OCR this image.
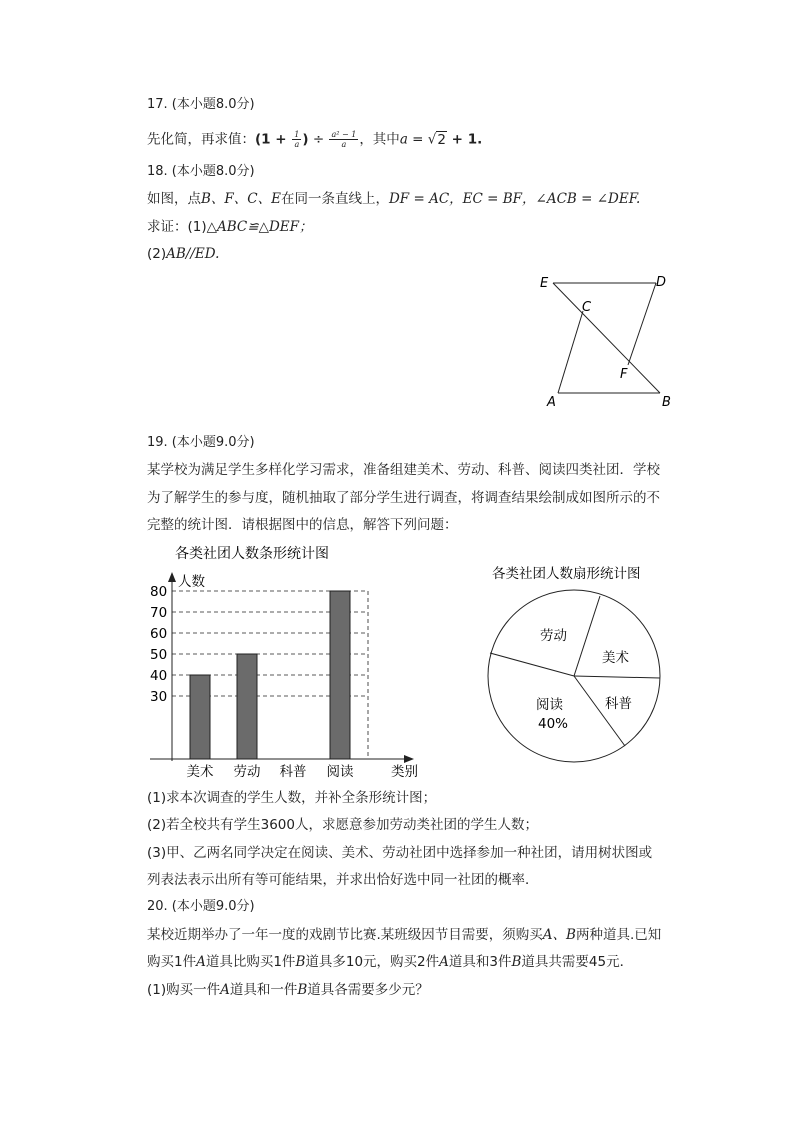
17. (本小题8.0分)
先化简，再求值：($1 + \frac{1}{a}$ ) ÷ $\frac{\text{a² − 1}}{a}$ ，其中a = √2 + 1.
18. (本小题8.0分)
如图，点B、F、C、E在同一条直线上，DF = AC，EC = BF，∠ACB = ∠DEF.
求证：(1)△ABC≌△DEF；
(2)AB//ED.
E	D
C
F
A	B
19. (本小题9.0分)
某学校为满足学生多样化学习需求，准备组建美术、劳动、科普、阅读四类社团．学校
为了解学生的参与度，随机抽取了部分学生进行调查，将调查结果绘制成如图所示的不
完整的统计图．请根据图中的信息，解答下列问题：
各类社团人数条形统计图
30
40
50
60
70
80
美术 劳动 科普 阅读
人数
类别
各类社团人数扇形统计图
美术
科普
阅读
40%
劳动
(1)求本次调查的学生人数，并补全条形统计图；
(2)若全校共有学生3600人，求愿意参加劳动类社团的学生人数；
(3)甲、乙两名同学决定在阅读、美术、劳动社团中选择参加一种社团，请用树状图或
列表法表示出所有等可能结果，并求出恰好选中同一社团的概率．
20. (本小题9.0分)
某校近期举办了一年一度的戏剧节比赛.某班级因节目需要，须购买A、B两种道具.已知
购买1件A道具比购买1件B道具多10元，购买2件A道具和3件B道具共需要45元．
(1)购买一件A道具和一件B道具各需要多少元？
